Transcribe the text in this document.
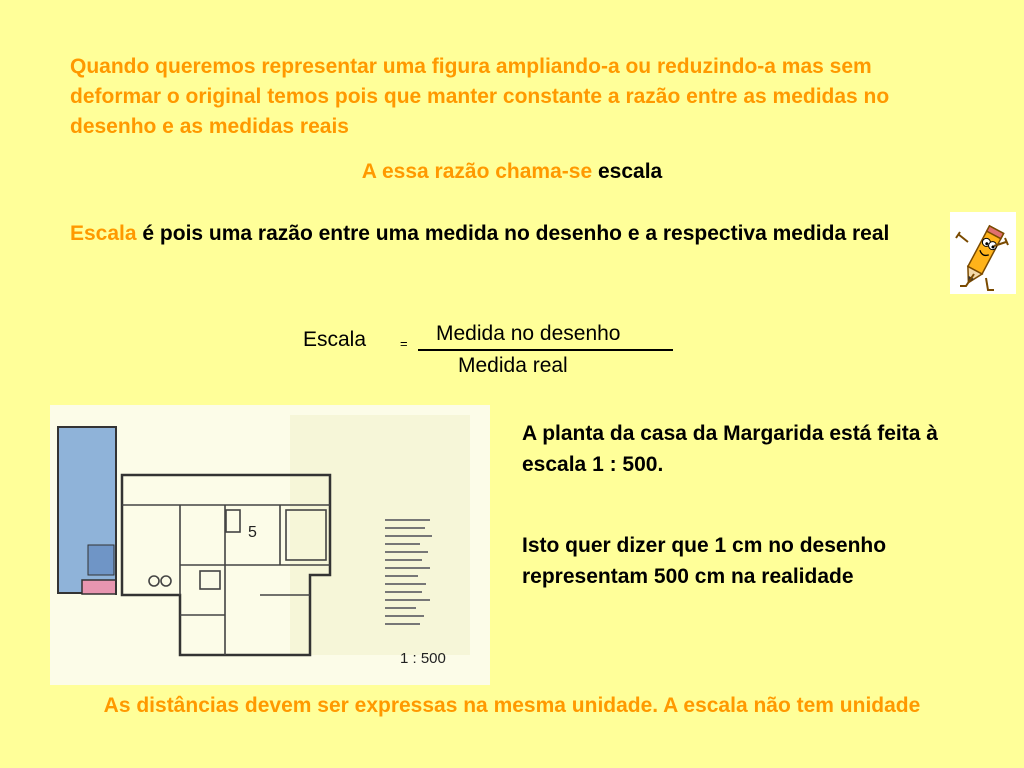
Quando queremos representar uma figura ampliando-a ou reduzindo-a mas sem deformar o original temos pois que manter constante a razão entre as medidas no desenho e as medidas reais
A essa razão chama-se escala
Escala é pois uma razão entre uma medida no desenho e a respectiva medida real
Escala	= Medida no desenho
Medida real
5
1 : 500
A planta da casa da Margarida está feita à escala 1 : 500.
Isto quer dizer que 1 cm no desenho representam 500 cm na realidade
As distâncias devem ser expressas na mesma unidade. A escala não tem unidade
